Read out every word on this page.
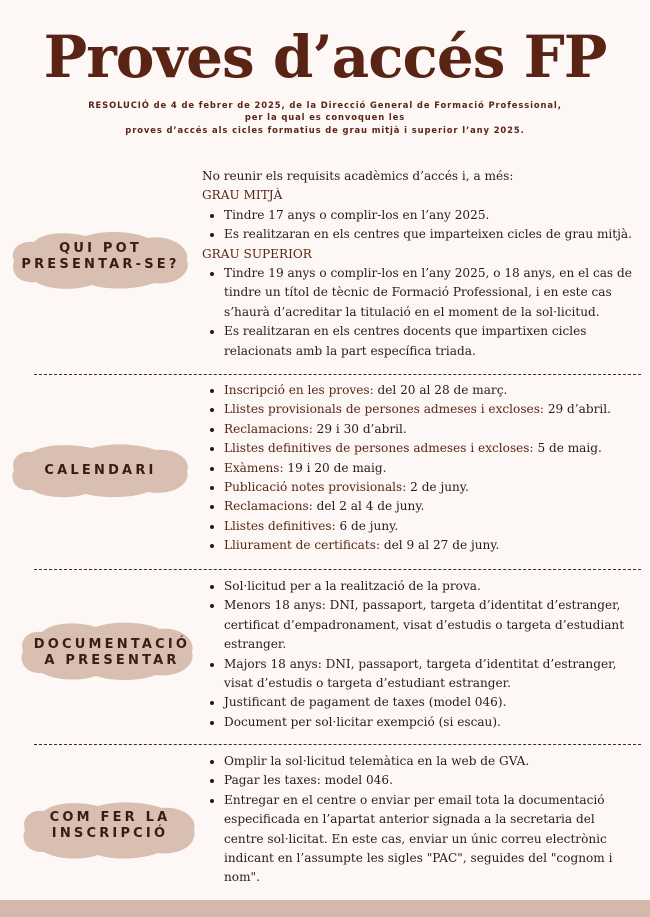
Proves d’accés FP
RESOLUCIÓ de 4 de febrer de 2025, de la Direcció General de Formació Professional,
per la qual es convoquen les
proves d’accés als cicles formatius de grau mitjà i superior l’any 2025.
QUI POT
PRESENTAR-SE?

No reunir els requisits acadèmics d’accés i, a més:

GRAU MITJÀ
• Tindre 17 anys o complir-los en l’any 2025.
• Es realitzaran en els centres que imparteixen cicles de grau mitjà.
GRAU SUPERIOR
• Tindre 19 anys o complir-los en l’any 2025, o 18 anys, en el cas de tindre un títol de tècnic de Formació Professional, i en este cas s’haurà d’acreditar la titulació en el moment de la sol·licitud.
• Es realitzaran en els centres docents que impartixen cicles relacionats amb la part específica triada.
CALENDARI
• Inscripció en les proves: del 20 al 28 de març.
• Llistes provisionals de persones admeses i excloses: 29 d’abril.
• Reclamacions: 29 i 30 d’abril.
• Llistes definitives de persones admeses i excloses: 5 de maig.
• Exàmens: 19 i 20 de maig.
• Publicació notes provisionals: 2 de juny.
• Reclamacions: del 2 al 4 de juny.
• Llistes definitives: 6 de juny.
• Lliurament de certificats: del 9 al 27 de juny.
DOCUMENTACIÓ
A PRESENTAR
• Sol·licitud per a la realització de la prova.
• Menors 18 anys: DNI, passaport, targeta d’identitat d’estranger, certificat d’empadronament, visat d’estudis o targeta d’estudiant estranger.
• Majors 18 anys: DNI, passaport, targeta d’identitat d’estranger, visat d’estudis o targeta d’estudiant estranger.
• Justificant de pagament de taxes (model 046).
• Document per sol·licitar exempció (si escau).
COM FER LA
INSCRIPCIÓ
• Omplir la sol·licitud telemàtica en la web de GVA.
• Pagar les taxes: model 046.
• Entregar en el centre o enviar per email tota la documentació especificada en l’apartat anterior signada a la secretaria del centre sol·licitat. En este cas, enviar un únic correu electrònic indicant en l’assumpte les sigles "PAC", seguides del "cognom i nom".
